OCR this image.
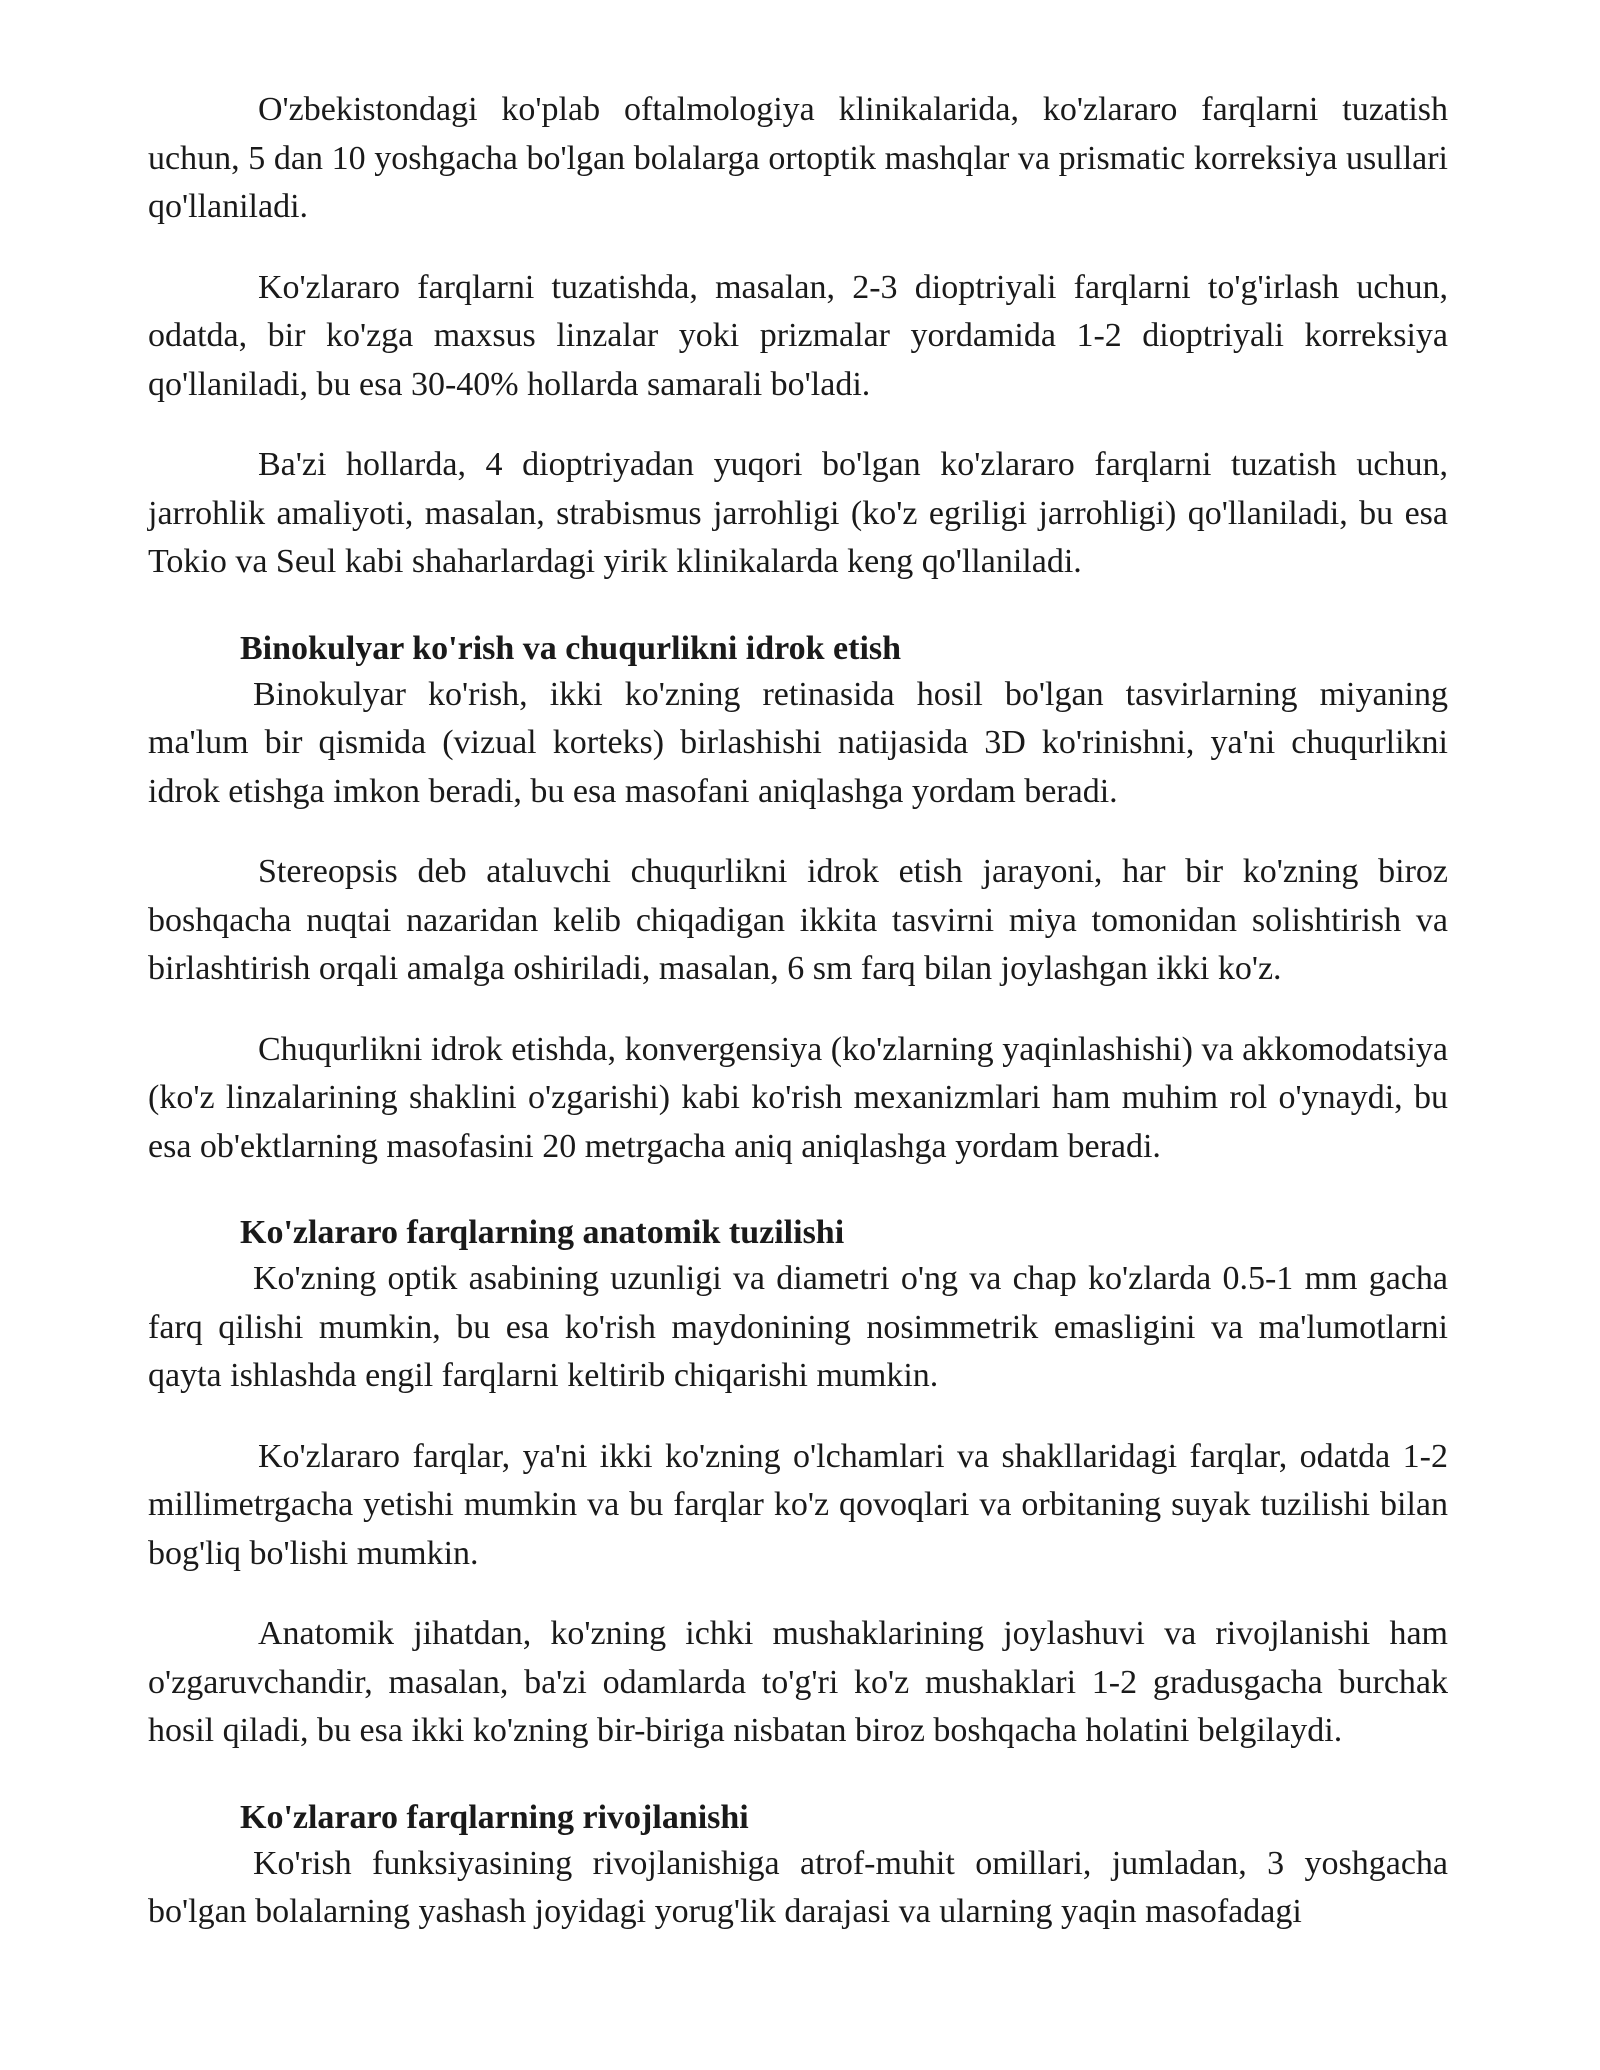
O'zbekistondagi ko'plab oftalmologiya klinikalarida, ko'zlararo farqlarni tuzatish uchun, 5 dan 10 yoshgacha bo'lgan bolalarga ortoptik mashqlar va prismatic korreksiya usullari qo'llaniladi.

Ko'zlararo farqlarni tuzatishda, masalan, 2-3 dioptriyali farqlarni to'g'irlash uchun, odatda, bir ko'zga maxsus linzalar yoki prizmalar yordamida 1-2 dioptriyali korreksiya qo'llaniladi, bu esa 30-40% hollarda samarali bo'ladi.

Ba'zi hollarda, 4 dioptriyadan yuqori bo'lgan ko'zlararo farqlarni tuzatish uchun, jarrohlik amaliyoti, masalan, strabismus jarrohligi (ko'z egriligi jarrohligi) qo'llaniladi, bu esa Tokio va Seul kabi shaharlardagi yirik klinikalarda keng qo'llaniladi.

Binokulyar ko'rish va chuqurlikni idrok etish

Binokulyar ko'rish, ikki ko'zning retinasida hosil bo'lgan tasvirlarning miyaning ma'lum bir qismida (vizual korteks) birlashishi natijasida 3D ko'rinishni, ya'ni chuqurlikni idrok etishga imkon beradi, bu esa masofani aniqlashga yordam beradi.

Stereopsis deb ataluvchi chuqurlikni idrok etish jarayoni, har bir ko'zning biroz boshqacha nuqtai nazaridan kelib chiqadigan ikkita tasvirni miya tomonidan solishtirish va birlashtirish orqali amalga oshiriladi, masalan, 6 sm farq bilan joylashgan ikki ko'z.

Chuqurlikni idrok etishda, konvergensiya (ko'zlarning yaqinlashishi) va akkomodatsiya (ko'z linzalarining shaklini o'zgarishi) kabi ko'rish mexanizmlari ham muhim rol o'ynaydi, bu esa ob'ektlarning masofasini 20 metrgacha aniq aniqlashga yordam beradi.

Ko'zlararo farqlarning anatomik tuzilishi

Ko'zning optik asabining uzunligi va diametri o'ng va chap ko'zlarda 0.5-1 mm gacha farq qilishi mumkin, bu esa ko'rish maydonining nosimmetrik emasligini va ma'lumotlarni qayta ishlashda engil farqlarni keltirib chiqarishi mumkin.

Ko'zlararo farqlar, ya'ni ikki ko'zning o'lchamlari va shakllaridagi farqlar, odatda 1-2 millimetrgacha yetishi mumkin va bu farqlar ko'z qovoqlari va orbitaning suyak tuzilishi bilan bog'liq bo'lishi mumkin.

Anatomik jihatdan, ko'zning ichki mushaklarining joylashuvi va rivojlanishi ham o'zgaruvchandir, masalan, ba'zi odamlarda to'g'ri ko'z mushaklari 1-2 gradusgacha burchak hosil qiladi, bu esa ikki ko'zning bir-biriga nisbatan biroz boshqacha holatini belgilaydi.

Ko'zlararo farqlarning rivojlanishi

Ko'rish funksiyasining rivojlanishiga atrof-muhit omillari, jumladan, 3 yoshgacha bo'lgan bolalarning yashash joyidagi yorug'lik darajasi va ularning yaqin masofadagi
